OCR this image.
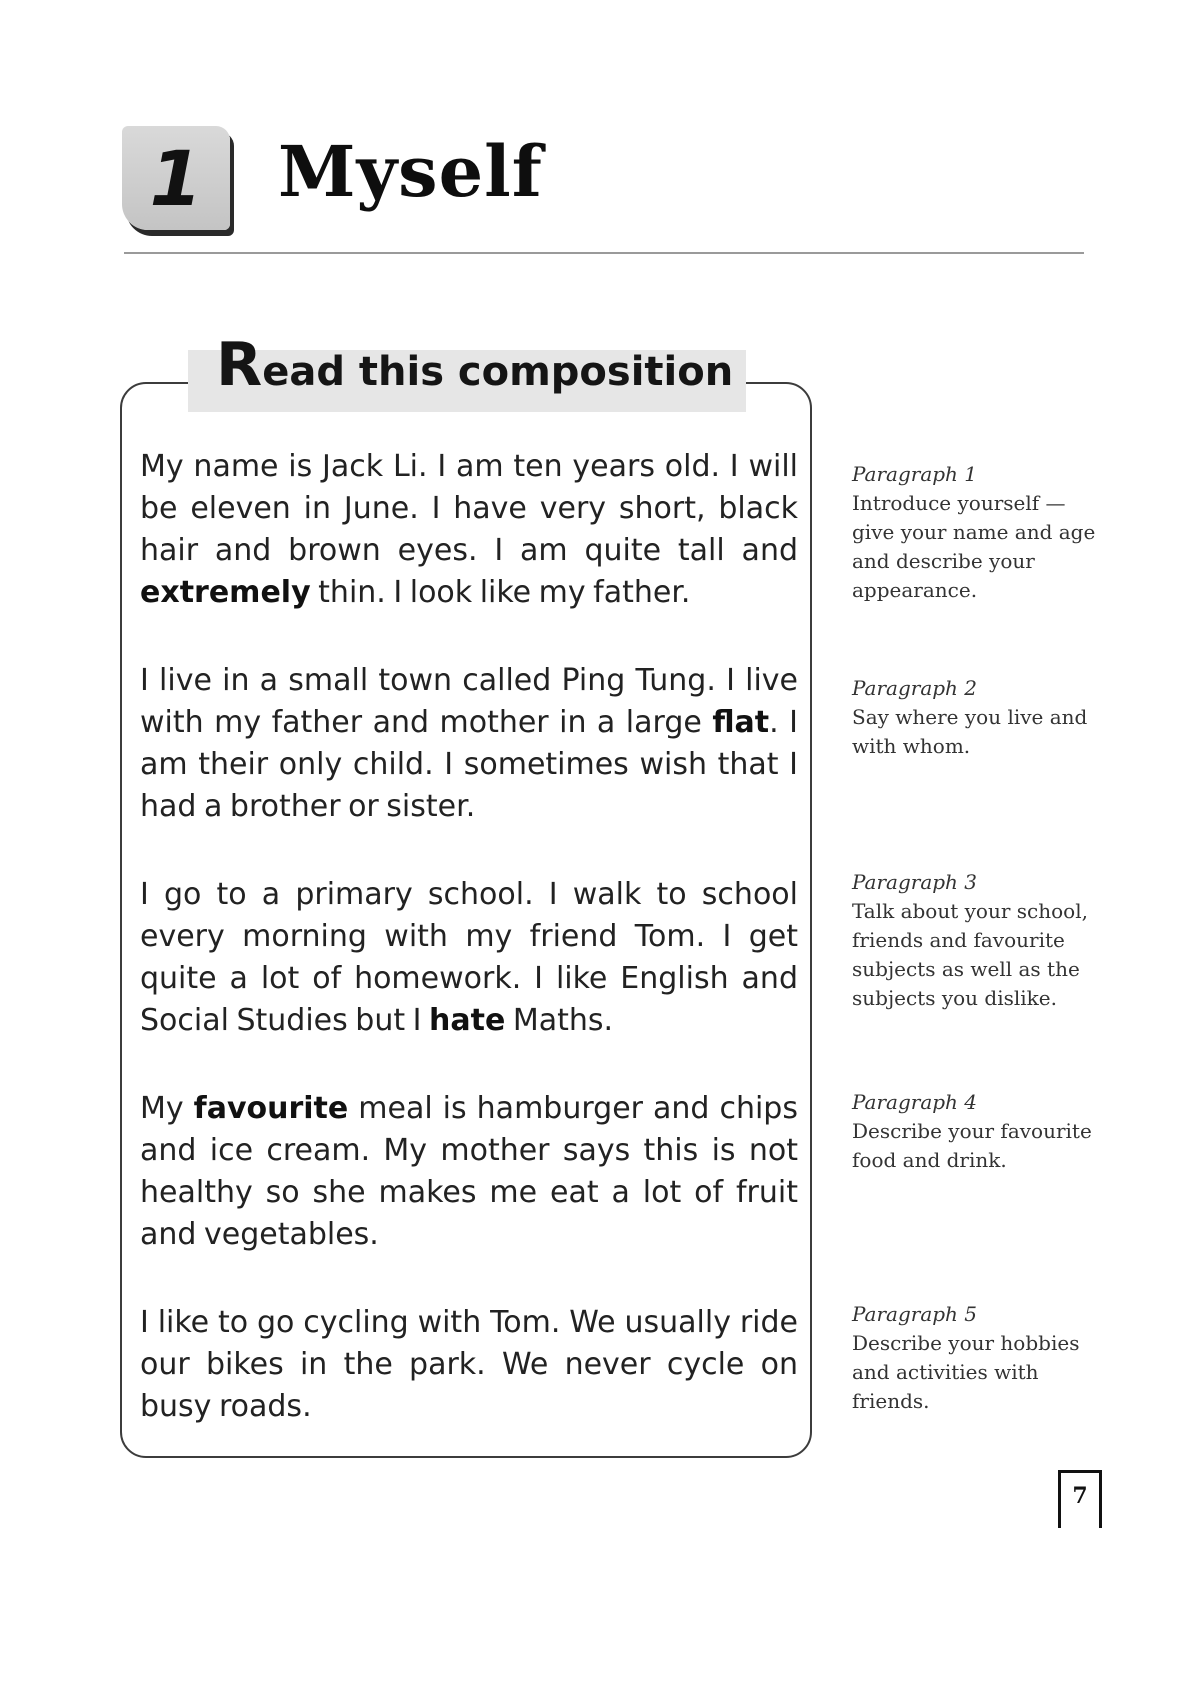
1	Myself
Read this composition

My name is Jack Li. I am ten years old. I will be eleven in June. I have very short, black hair and brown eyes. I am quite tall and extremely thin. I look like my father.

I live in a small town called Ping Tung. I live with my father and mother in a large flat. I am their only child. I sometimes wish that I had a brother or sister.

I go to a primary school. I walk to school every morning with my friend Tom. I get quite a lot of homework. I like English and Social Studies but I hate Maths.

My favourite meal is hamburger and chips and ice cream. My mother says this is not healthy so she makes me eat a lot of fruit and vegetables.

I like to go cycling with Tom. We usually ride our bikes in the park. We never cycle on busy roads.

Paragraph 1
Introduce yourself — give your name and age and describe your appearance.
Paragraph 2
Say where you live and with whom.
Paragraph 3
Talk about your school, friends and favourite subjects as well as the subjects you dislike.
Paragraph 4
Describe your favourite food and drink.
Paragraph 5
Describe your hobbies and activities with friends.
7
